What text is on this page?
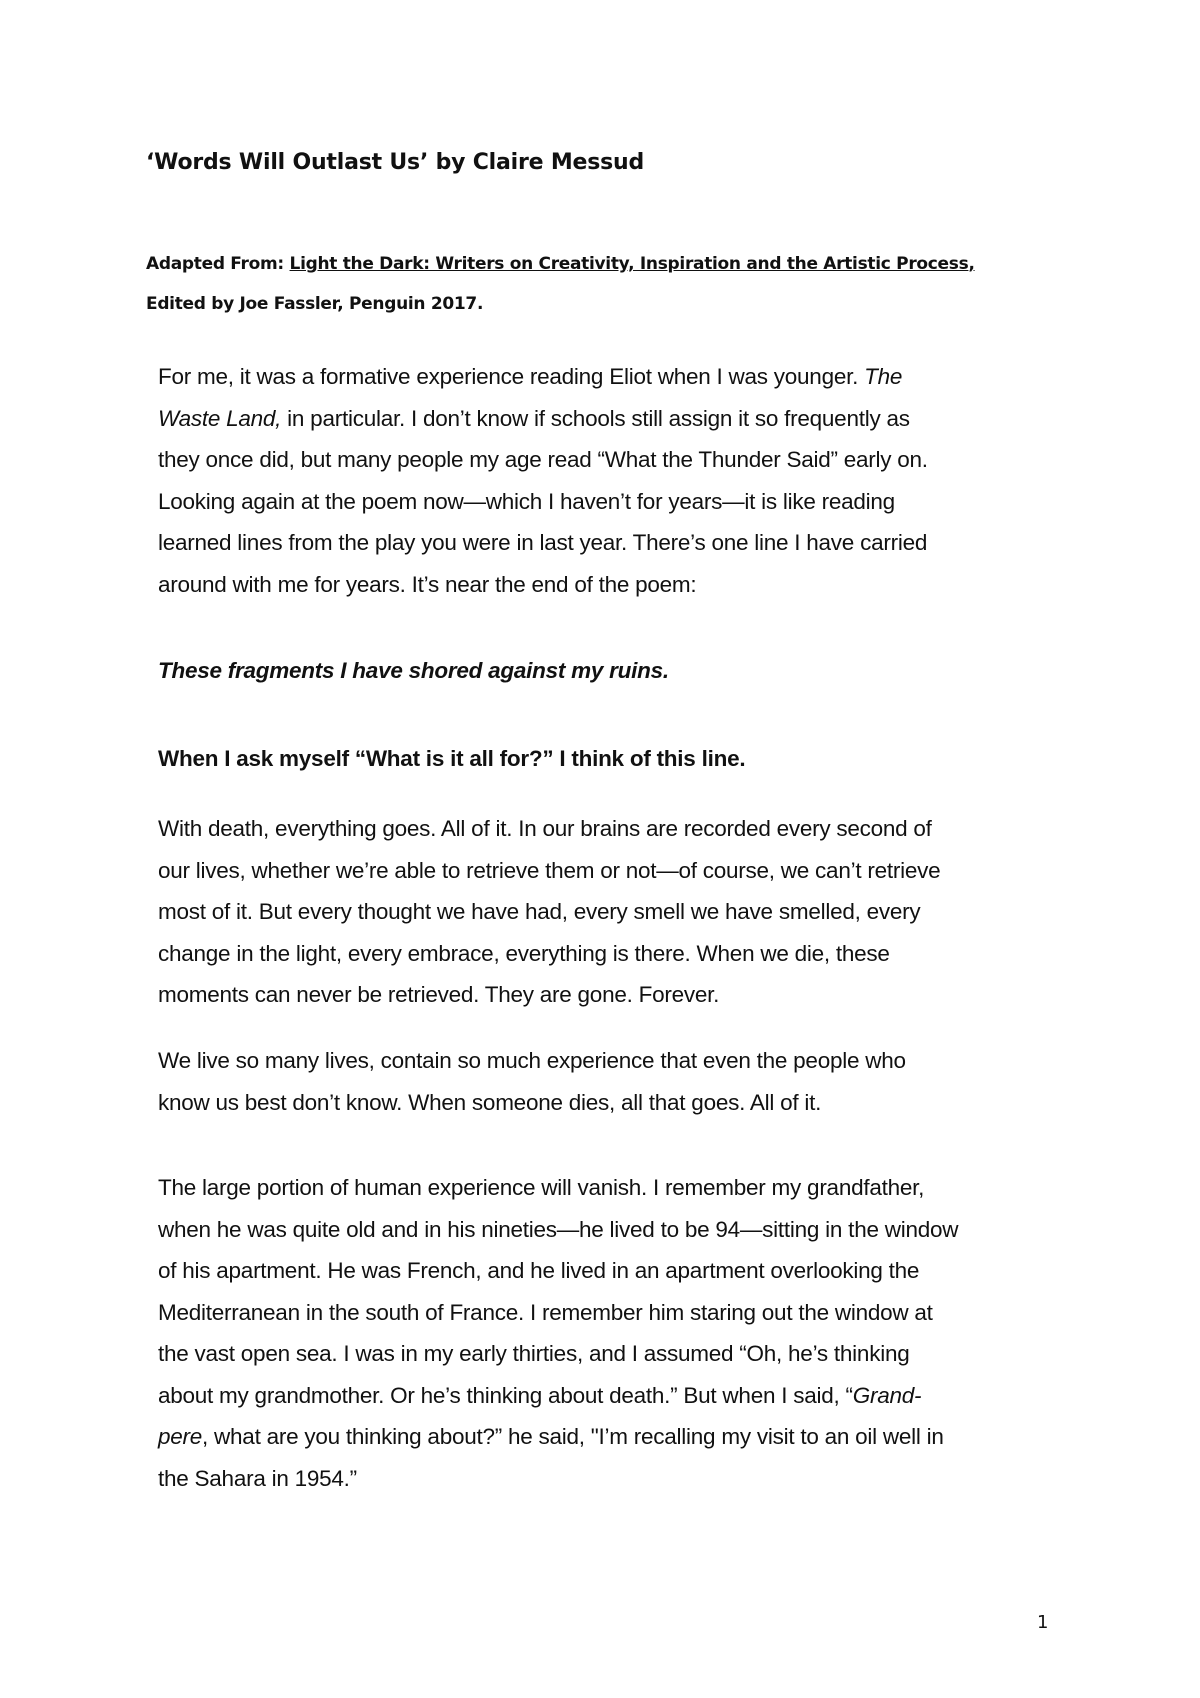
‘Words Will Outlast Us’ by Claire Messud

Adapted From: Light the Dark: Writers on Creativity, Inspiration and the Artistic Process,
Edited by Joe Fassler, Penguin 2017.

For me, it was a formative experience reading Eliot when I was younger. The
Waste Land, in particular. I don’t know if schools still assign it so frequently as
they once did, but many people my age read “What the Thunder Said” early on.
Looking again at the poem now—which I haven’t for years—it is like reading
learned lines from the play you were in last year. There’s one line I have carried
around with me for years. It’s near the end of the poem:

These fragments I have shored against my ruins.

When I ask myself “What is it all for?” I think of this line.

With death, everything goes. All of it. In our brains are recorded every second of
our lives, whether we’re able to retrieve them or not—of course, we can’t retrieve
most of it. But every thought we have had, every smell we have smelled, every
change in the light, every embrace, everything is there. When we die, these
moments can never be retrieved. They are gone. Forever.

We live so many lives, contain so much experience that even the people who
know us best don’t know. When someone dies, all that goes. All of it.

The large portion of human experience will vanish. I remember my grandfather,
when he was quite old and in his nineties—he lived to be 94—sitting in the window
of his apartment. He was French, and he lived in an apartment overlooking the
Mediterranean in the south of France. I remember him staring out the window at
the vast open sea. I was in my early thirties, and I assumed “Oh, he’s thinking
about my grandmother. Or he’s thinking about death.” But when I said, “Grand-
pere, what are you thinking about?” he said, "I’m recalling my visit to an oil well in
the Sahara in 1954.”

1
